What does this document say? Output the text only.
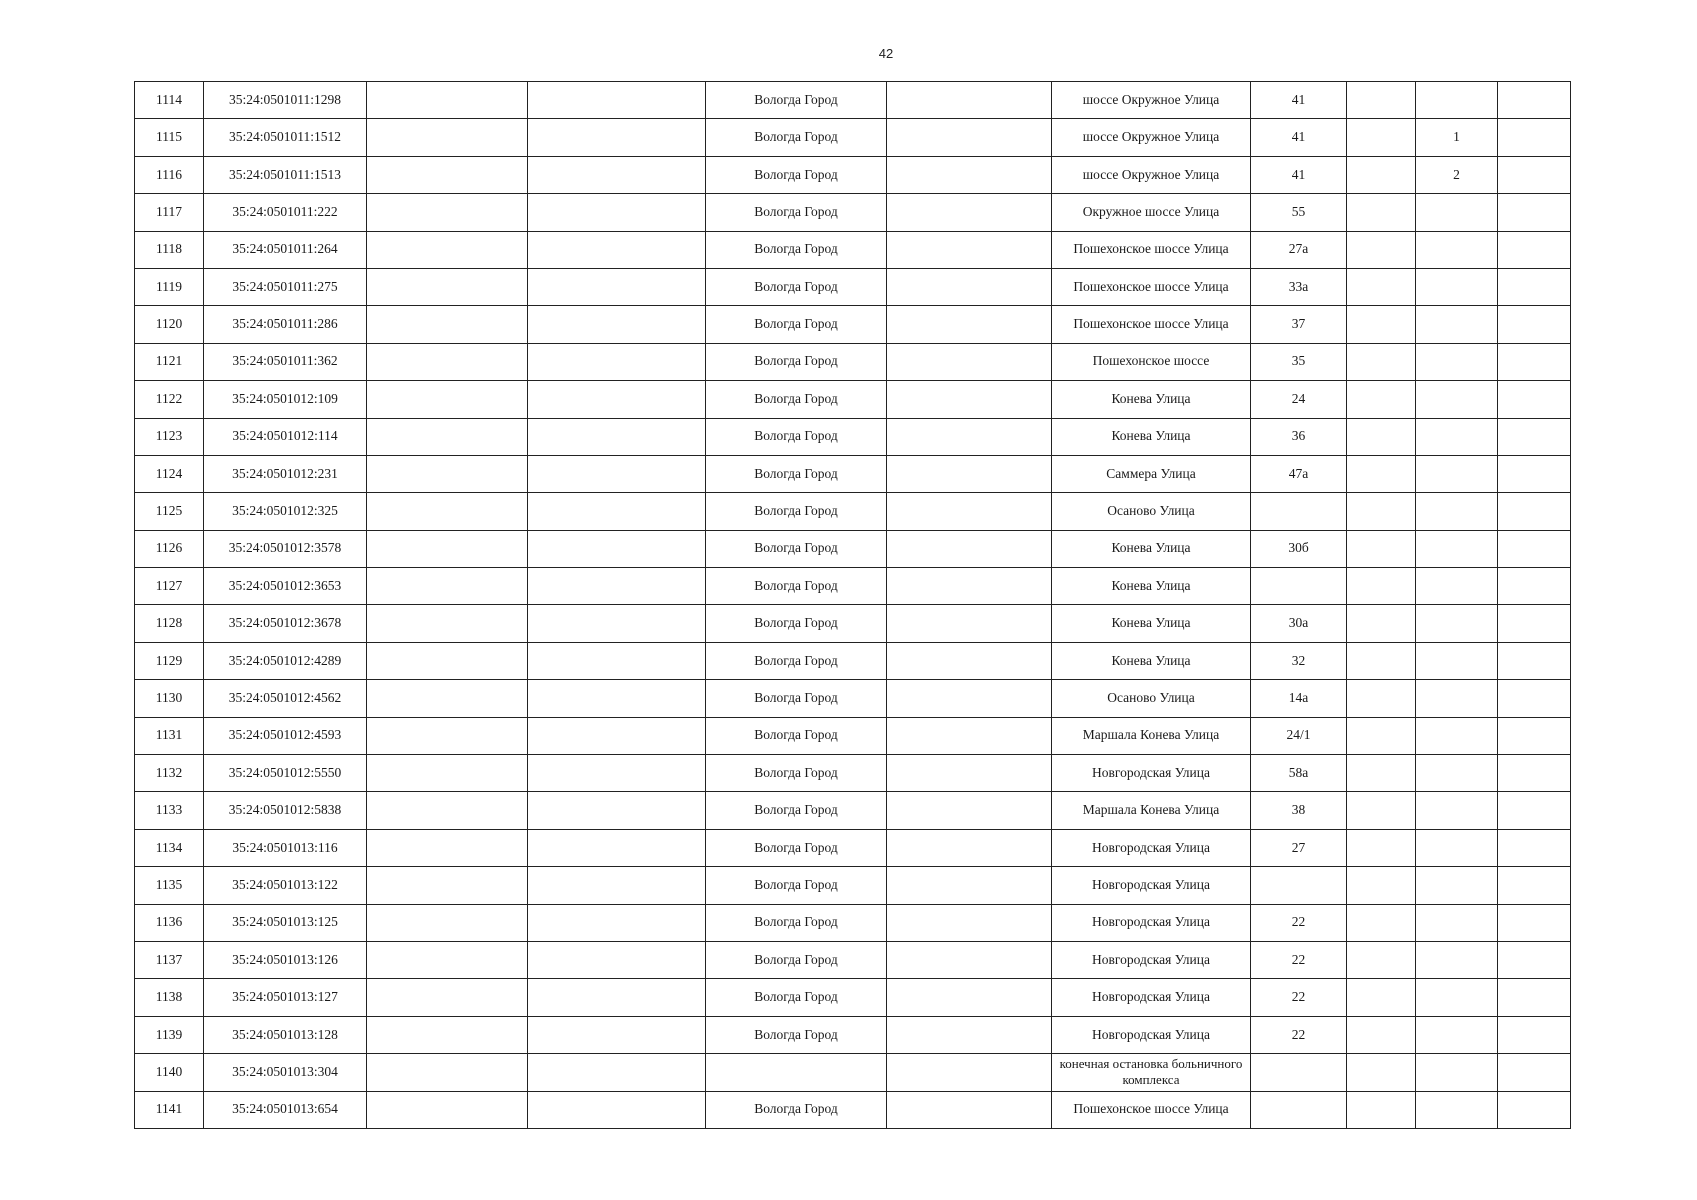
42
1114	35:24:0501011:1298			Вологда Город		шоссе Окружное Улица	41			
1115	35:24:0501011:1512			Вологда Город		шоссе Окружное Улица	41		1	
1116	35:24:0501011:1513			Вологда Город		шоссе Окружное Улица	41		2	
1117	35:24:0501011:222			Вологда Город		Окружное шоссе Улица	55			
1118	35:24:0501011:264			Вологда Город		Пошехонское шоссе Улица	27а			
1119	35:24:0501011:275			Вологда Город		Пошехонское шоссе Улица	33а			
1120	35:24:0501011:286			Вологда Город		Пошехонское шоссе Улица	37			
1121	35:24:0501011:362			Вологда Город		Пошехонское шоссе	35			
1122	35:24:0501012:109			Вологда Город		Конева Улица	24			
1123	35:24:0501012:114			Вологда Город		Конева Улица	36			
1124	35:24:0501012:231			Вологда Город		Саммера Улица	47а			
1125	35:24:0501012:325			Вологда Город		Осаново Улица				
1126	35:24:0501012:3578			Вологда Город		Конева Улица	30б			
1127	35:24:0501012:3653			Вологда Город		Конева Улица				
1128	35:24:0501012:3678			Вологда Город		Конева Улица	30а			
1129	35:24:0501012:4289			Вологда Город		Конева Улица	32			
1130	35:24:0501012:4562			Вологда Город		Осаново Улица	14а			
1131	35:24:0501012:4593			Вологда Город		Маршала Конева Улица	24/1			
1132	35:24:0501012:5550			Вологда Город		Новгородская Улица	58а			
1133	35:24:0501012:5838			Вологда Город		Маршала Конева Улица	38			
1134	35:24:0501013:116			Вологда Город		Новгородская Улица	27			
1135	35:24:0501013:122			Вологда Город		Новгородская Улица				
1136	35:24:0501013:125			Вологда Город		Новгородская Улица	22			
1137	35:24:0501013:126			Вологда Город		Новгородская Улица	22			
1138	35:24:0501013:127			Вологда Город		Новгородская Улица	22			
1139	35:24:0501013:128			Вологда Город		Новгородская Улица	22			
1140	35:24:0501013:304					конечная остановка больничного комплекса				
1141	35:24:0501013:654			Вологда Город		Пошехонское шоссе Улица				
